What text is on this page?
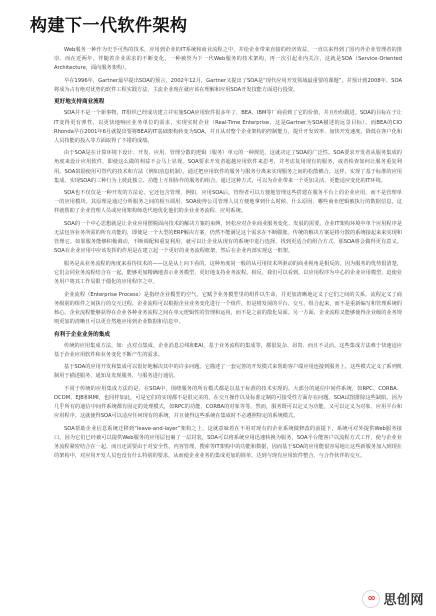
构建下一代软件架构

Web服务一种作为史手可热的技术，应用到企业的IT系统和商业流程之中，并给企业带来直接的经济效益，一直以来得到了国内外企业管理者的推崇。而在近两年，伴随着企业需求的不断变化，一种被誉为下一代Web服务的技术架构，再一次引起业内关注，这就是SOA（Service-Oriented Architecture，面向服务架构）。

早在1996年，Gartner最早提出SOA的预言，2002年12月，Gartner又提出了SOA是“现代应用开发领域最重要的课题”，并预计到2008年，SOA将成为占有绝对优势的软件工程实践方法，主流企业现在就应该在理解和应用SOA开发技能方面进行投资。

更好地支持商业流程

SOA并不是一个新事物，IT组织已经成功建立并实施SOA应用软件很多年了，BEA、IBM等厂商看到了它的价值，并且纷纷跟进。SOA的目标在于让IT变得更有弹性，以更快地响应业务单位的需求，实现实时企业（Real-Time Enterprise，这是Gartner为SOA描述的远景目标）。而BEA的CIO Rhonda早在2001年6月就提出要将BEA的IT基础架构转变为SOA，并且从对整个企业架构的控制能力，提升开发效率、加快开发速度，降低在客户化和人员技能的投入等方面取得了不错的成绩。

由于SOA是在计算环境下设计、开发、应用、管理分散的逻辑（服务）单元的一种规范，这就决定了SOA的广泛性。SOA要求开发者从服务集成的角度来设计应用软件，即使这么做的利益不会马上显现。SOA要求开发者超越应用软件来思考，并考虑复用现有的服务，或者检查如何让服务重复利用。SOA鼓励使用可替代的技术和方法（例如消息机制），通过把应用软件的服务与服务分离来实现服务之间的松散耦合。这样，实现了基于标准的应用集成，实现SOA的三种行为上彼此独立、功能上互相协作的服务的组合。通过这种方式，可以为企业带来一个更加灵活、更能适应变化的IT环境。

SOA也不仅仅是一种开发的方法论，它还包含管理。例如，应用SOA后，管理者可以方便地管理这些搭建在服务平台上的企业应用，而不是管理单一的应用模块。其原理是通过分析服务之间的相互调用，SOA使得公司管理人员方便地拿到什么时候、什么原因、哪些商业逻辑被执行的数据信息，这样就帮助了企业管理人员或应用架构师迭代地优化他们的企业业务流程、应用系统。

SOA的一个中心思想就是让企业应用摆脱面向技术的解决方案的束缚，轻松应对企业商业服务变化、发展的需要。企业IT架构环境中单个应用程序是无法包容业务所需的所有功能的，即使是一个大型的ERP解决方案，仍然不能满足这个需求在不断膨胀。传统的解决方案是将分散的系统接起来来实现和管理它。如果服务能够积极调动，不断调配和重复利用，就可以让企业从现有的系统中进行选择，找到更适合的组合方式，那SOA将会做得更有意义。SOA在企业应用中应该发挥的作用是在建立起一个更好的业务流程框架，然后在企业内部实现这一框架。

服务是从业务流程的角度来看待技术的——这是从上向下看的。这种角度同一般的从可用技术所驱动的商业视角是相反的。因为服务的优势很清楚，它们会同业务流程结合在一起，能够更加精确地表示业务模型，更好地支持业务流程。相反，我们可以看到，以应用程序为中心的企业应用模型，迫使业务用户将其工作局限于僵化的应用程序之中。

企业流程（Enterprise Process）是指经企业模型的空气，它赋予业务模型里的组件以生命，并更加清晰地定义了它们之间的关系。流程定义了商务级别的组件之间执行的交互过程。企业流程可以根据企业业务变化进行一个组件，但是将发展的平台、交互、组合起来，而不是重新编写和管理系统的核心。企业流程能够获得在企业各种业务流程之间在单元逻辑性的管理和运用，而不是之前的散化局面。另一方面，企业流程又能够使得企业级的业务规则更加的清晰且可以更自然地应用到企业数据和信息中。

有利于企业业务的集成

传统的应用集成方法，如：点对点集成、企业消息总线和EAI，基于业务流程的集成等，都很复杂、昂贵、而且不灵活。这些集成方法难于快速适应基于企业应用软件和业务变化不断产生的需求。

基于SOA的应用开发和集成可以很好地解决其中的许多问题。它描述了一套完善的开发模式来帮助客户端应用连接到服务上。这些模式定义了系列机制用于描述服务、通知及发现服务，与服务进行通信。

不同于传统的应用集成方法的是，在SOA中，围绕服务的所有模式都是以基于标准的技术实现的。大部分的通信中间件系统，如RPC、CORBA、DCOM、EJB和RMI，也同样如此。可是它们的实现都不是很完美的，在交互操作以及标准定制的可接受性方面存在问题。SOA试图排除这些缺陷。因为几乎所有的通信中间件系统都有固定的处理模式，如RPC的功能、CORBA的对象等等。然而，服务既可以定义为功能，又可以定义为对象、应用平台和应用程序。这就使得SOA可以适应任何现有的系统，并且使得这些系统在集成时不必遵照特定的系统模式。

SOA帮助企业信息系统迁移到“leave-and-layer”架构之上，这就意味着在不用对现有的企业系统做修改的前提下，系统可对外提供Web服务接口，因为它们已经被可以提供Web服务的应用层包裹了一层封装，SOA可以将系统应用迅速转换为服务，SOA平台能客户以流程方式工作，使与企业业务流程紧密结合在一起。而且还需要由于对安全性、内容管理、搜索等IT架构中的功能和数据，因而基于SOA的应用能很容易地让这些新服务加入到现在的架构中，对应用开发人员也没有什么特别的要求，从而使企业业务的集成更加的简单，达到与现有应用软件整合，与合作伙伴的交互。

∞ 思创网
